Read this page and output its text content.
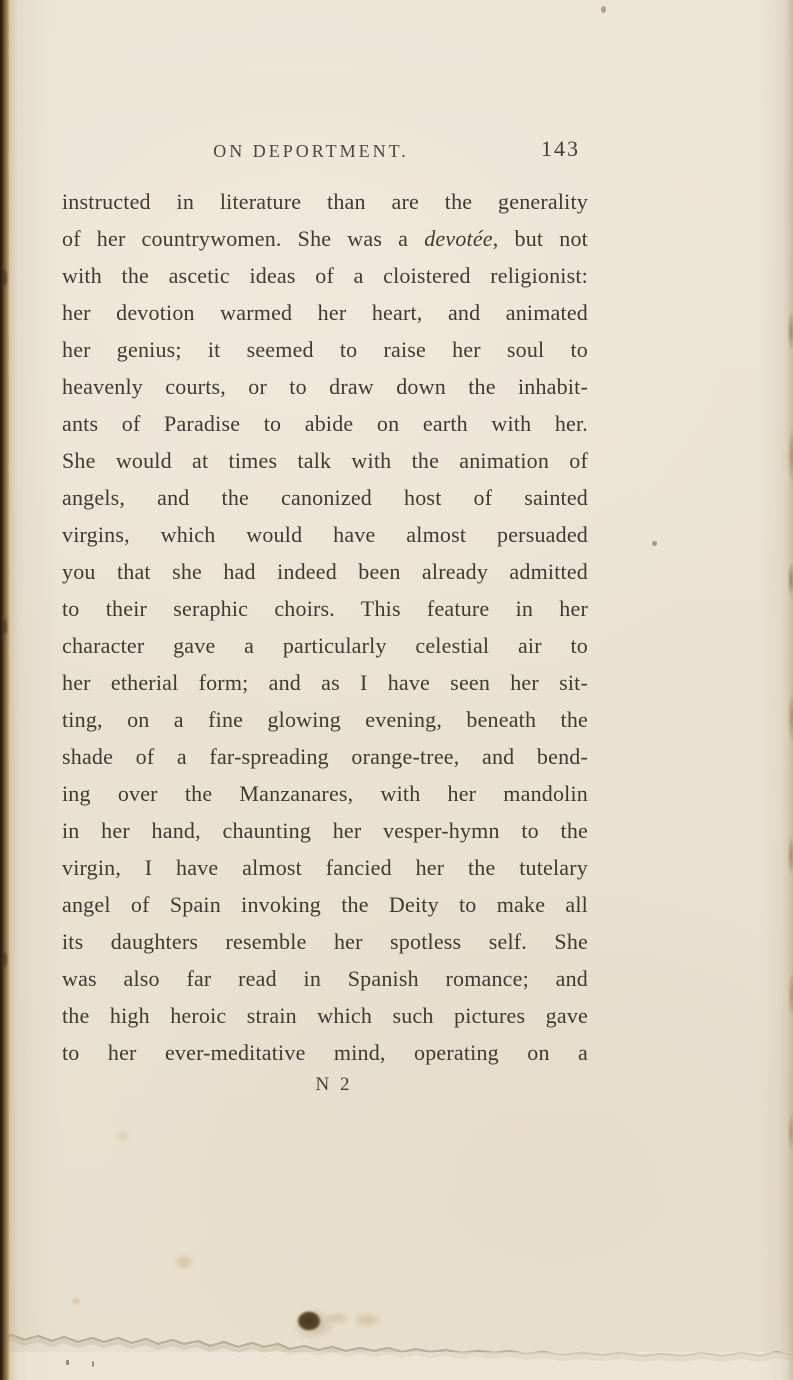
ON DEPORTMENT.	143
instructed in literature than are the generality
of her countrywomen. She was a devotée, but not
with the ascetic ideas of a cloistered religionist:
her devotion warmed her heart, and animated
her genius; it seemed to raise her soul to
heavenly courts, or to draw down the inhabit-
ants of Paradise to abide on earth with her.
She would at times talk with the animation of
angels, and the canonized host of sainted
virgins, which would have almost persuaded
you that she had indeed been already admitted
to their seraphic choirs. This feature in her
character gave a particularly celestial air to
her etherial form; and as I have seen her sit-
ting, on a fine glowing evening, beneath the
shade of a far-spreading orange-tree, and bend-
ing over the Manzanares, with her mandolin
in her hand, chaunting her vesper-hymn to the
virgin, I have almost fancied her the tutelary
angel of Spain invoking the Deity to make all
its daughters resemble her spotless self. She
was also far read in Spanish romance; and
the high heroic strain which such pictures gave
to her ever-meditative mind, operating on a
N 2
